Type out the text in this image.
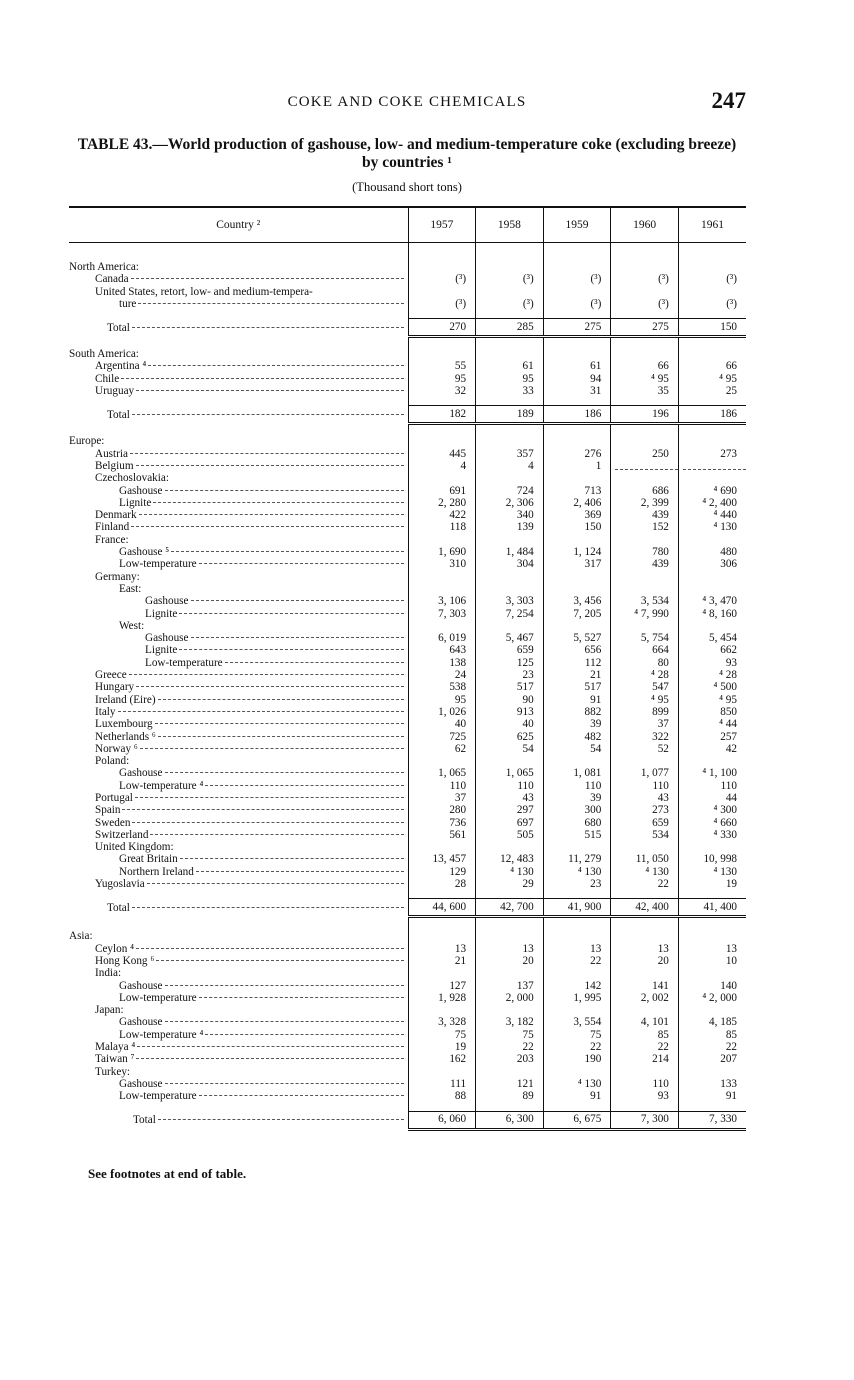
COKE AND COKE CHEMICALS	247
TABLE 43.—World production of gashouse, low- and medium-temperature coke (excluding breeze) by countries ¹
(Thousand short tons)
Country ²	1957	1958	1959	1960	1961

North America:					

Canada	(³)	(³)	(³)	(³)	(³)

United States, retort, low- and medium-tempera-					

ture	(³)	(³)	(³)	(³)	(³)

Total	270	285	275	275	150

South America:					

Argentina ⁴	55	61	61	66	66

Chile	95	95	94	⁴ 95	⁴ 95

Uruguay	32	33	31	35	25

Total	182	189	186	196	186

Europe:					

Austria	445	357	276	250	273

Belgium	4	4	1	

Czechoslovakia:					

Gashouse	691	724	713	686	⁴ 690

Lignite	2, 280	2, 306	2, 406	2, 399	⁴ 2, 400

Denmark	422	340	369	439	⁴ 440

Finland	118	139	150	152	⁴ 130

France:					

Gashouse ⁵	1, 690	1, 484	1, 124	780	480

Low-temperature	310	304	317	439	306

Germany:					

East:					

Gashouse	3, 106	3, 303	3, 456	3, 534	⁴ 3, 470

Lignite	7, 303	7, 254	7, 205	⁴ 7, 990	⁴ 8, 160

West:					

Gashouse	6, 019	5, 467	5, 527	5, 754	5, 454

Lignite	643	659	656	664	662

Low-temperature	138	125	112	80	93

Greece	24	23	21	⁴ 28	⁴ 28

Hungary	538	517	517	547	⁴ 500

Ireland (Eire)	95	90	91	⁴ 95	⁴ 95

Italy	1, 026	913	882	899	850

Luxembourg	40	40	39	37	⁴ 44

Netherlands ⁶	725	625	482	322	257

Norway ⁶	62	54	54	52	42

Poland:					

Gashouse	1, 065	1, 065	1, 081	1, 077	⁴ 1, 100

Low-temperature ⁴	110	110	110	110	110

Portugal	37	43	39	43	44

Spain	280	297	300	273	⁴ 300

Sweden	736	697	680	659	⁴ 660

Switzerland	561	505	515	534	⁴ 330

United Kingdom:					

Great Britain	13, 457	12, 483	11, 279	11, 050	10, 998

Northern Ireland	129	⁴ 130	⁴ 130	⁴ 130	⁴ 130

Yugoslavia	28	29	23	22	19

Total	44, 600	42, 700	41, 900	42, 400	41, 400

Asia:					

Ceylon ⁴	13	13	13	13	13

Hong Kong ⁶	21	20	22	20	10

India:					

Gashouse	127	137	142	141	140

Low-temperature	1, 928	2, 000	1, 995	2, 002	⁴ 2, 000

Japan:					

Gashouse	3, 328	3, 182	3, 554	4, 101	4, 185

Low-temperature ⁴	75	75	75	85	85

Malaya ⁴	19	22	22	22	22

Taiwan ⁷	162	203	190	214	207

Turkey:					

Gashouse	111	121	⁴ 130	110	133

Low-temperature	88	89	91	93	91

Total	6, 060	6, 300	6, 675	7, 300	7, 330
See footnotes at end of table.
